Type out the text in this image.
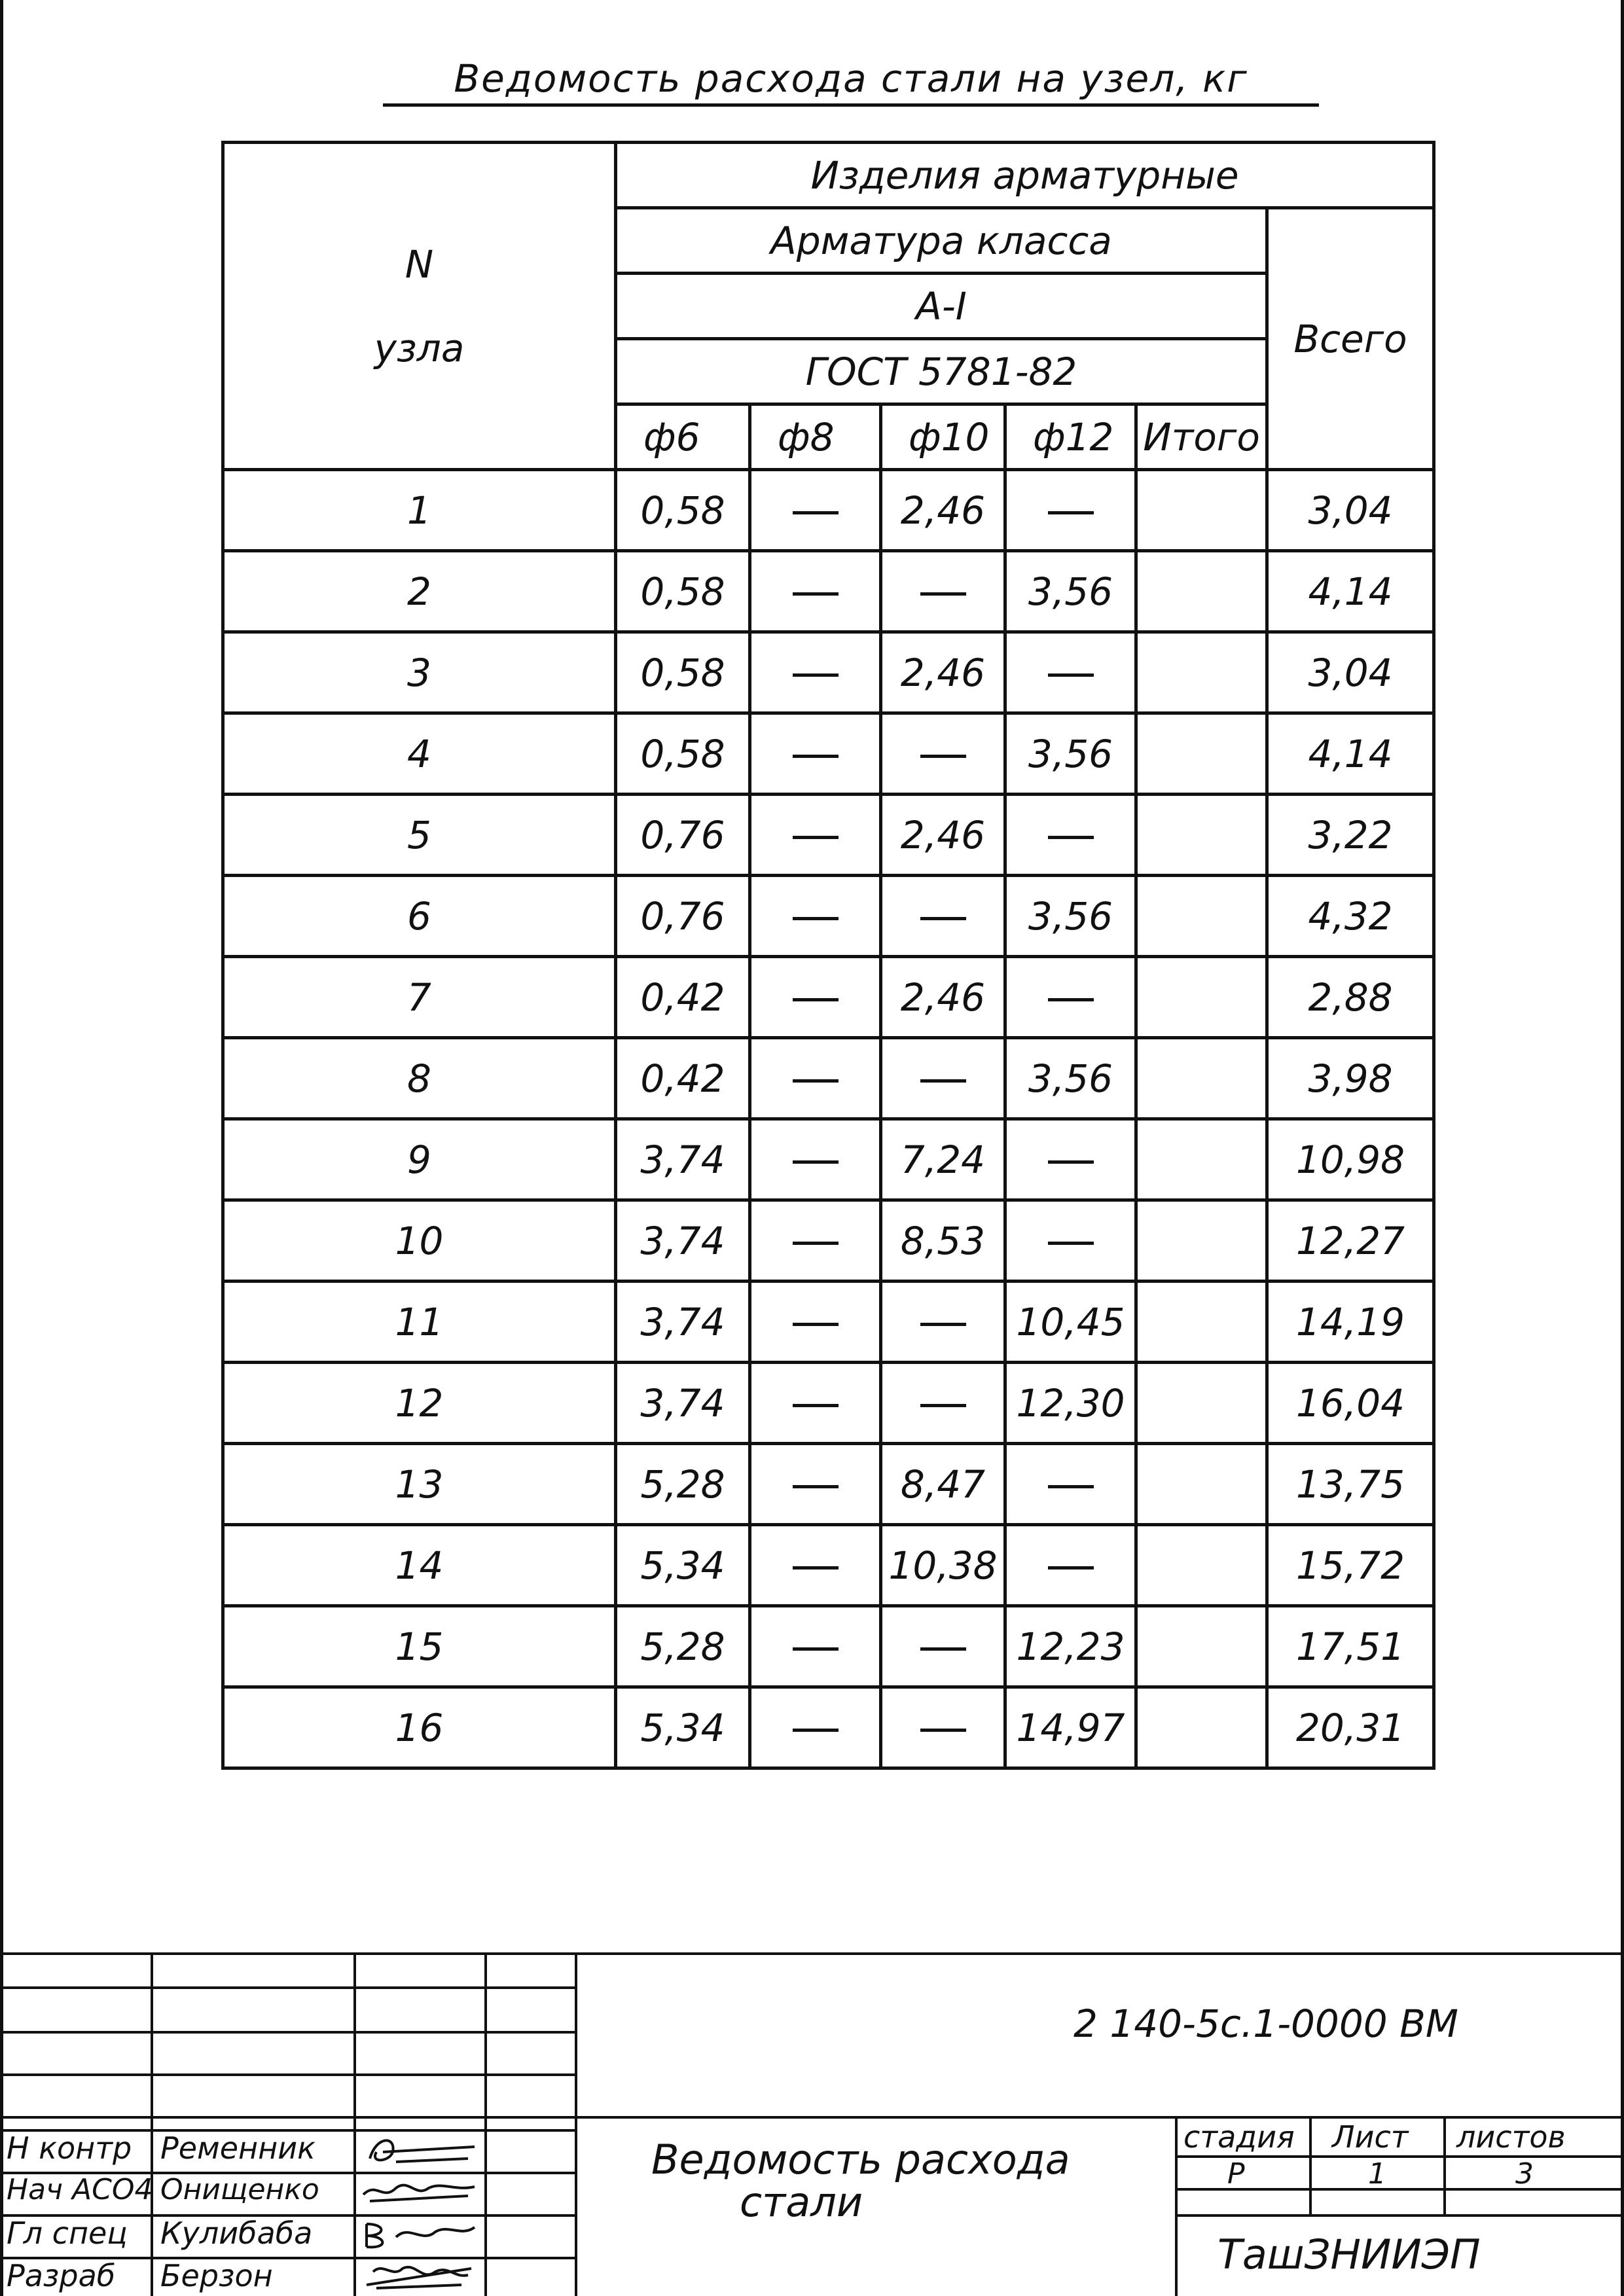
Ведомость расхода стали на узел, кг
N
узла	Изделия арматурные					
	Арматура класса					Всего
	А-I					
	ГОСТ 5781-82					
	ф6	ф8	ф10	ф12	Итого	
1	0,58		2,46			3,04
2	0,58			3,56		4,14
3	0,58		2,46			3,04
4	0,58			3,56		4,14
5	0,76		2,46			3,22
6	0,76			3,56		4,32
7	0,42		2,46			2,88
8	0,42			3,56		3,98
9	3,74		7,24			10,98
10	3,74		8,53			12,27
11	3,74			10,45		14,19
12	3,74			12,30		16,04
13	5,28		8,47			13,75
14	5,34		10,38			15,72
15	5,28			12,23		17,51
16	5,34			14,97		20,31
2 140-5с.1-0000 ВМ
Ведомость расхода
стали
стадия Лист листов
Р	1	3
ТашЗНИИЭП
Н контр Ременник
Нач АСО4 Онищенко
Гл спец Кулибаба
Разраб Берзон
